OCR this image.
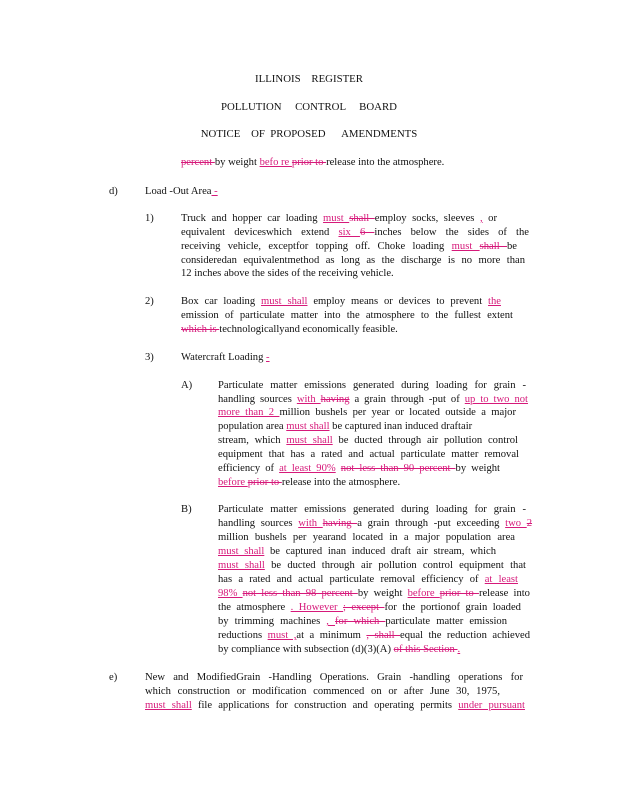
ILLINOIS    REGISTER
POLLUTION     CONTROL     BOARD
NOTICE    OF  PROPOSED      AMENDMENTS
d)
1)
2)
3)
A)
B)
e)
percent by weight befo re prior to release into the atmosphere.
Load -Out Area -
Truck and hopper car loading must shall employ socks, sleeves , or
equivalent deviceswhich extend six 6 inches below the sides of the
receiving vehicle, exceptfor topping off. Choke loading must shall be
consideredan equivalentmethod as long as the discharge is no more than
12 inches above the sides of the receiving vehicle.
Box car loading must shall employ means or devices to prevent the
emission of particulate matter into the atmosphere to the fullest extent
which is technologicallyand economically feasible.
Watercraft Loading -
Particulate matter emissions generated during loading for grain -
handling sources with having a grain through -put of up to two not
more than 2 million bushels per year or located outside a major
population area must shall be captured inan induced draftair
stream, which must shall be ducted through air pollution control
equipment that has a rated and actual particulate matter removal
efficiency of at least 90% not less than 90 percent by weight
before prior to release into the atmosphere.
Particulate matter emissions generated during loading for grain -
handling sources with having a grain through -put exceeding two 2
million bushels per yearand located in a major population area
must shall be captured inan induced draft air stream, which
must shall be ducted through air pollution control equipment that
has a rated and actual particulate removal efficiency of at least
98% not less than 98 percent by weight before prior to release into
the atmosphere . However ; except for the portionof grain loaded
by trimming machines , for which particulate matter emission
reductions must ,at a minimum , shall equal the reduction achieved
by compliance with subsection (d)(3)(A) of this Section .
New and ModifiedGrain -Handling Operations. Grain -handling operations for
which construction or modification commenced on or after June 30, 1975,
must shall file applications for construction and operating permits under pursuant
